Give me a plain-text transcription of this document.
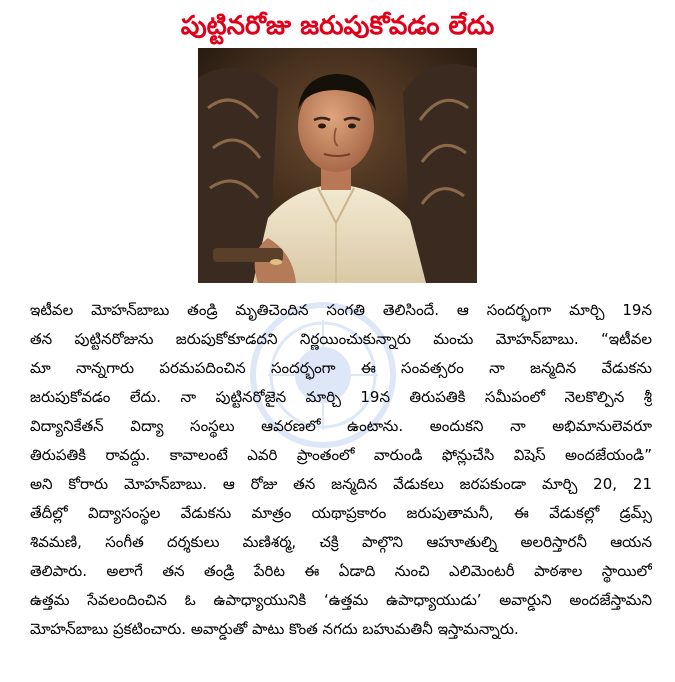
పుట్టినరోజు జరుపుకోవడం లేదు
ఇటీవల మోహన్‌బాబు తండ్రి మృతిచెందిన సంగతి తెలిసిందే. ఆ సందర్భంగా మార్చి 19న
తన పుట్టినరోజును జరుపుకోకూడదని నిర్ణయించుకున్నారు మంచు మోహన్‌బాబు. “ఇటీవల
మా నాన్నగారు పరమపదించిన సందర్భంగా ఈ సంవత్సరం నా జన్మదిన వేడుకను
జరుపుకోవడం లేదు. నా పుట్టినరోజైన మార్చి 19న తిరుపతికి సమీపంలో నెలకొల్పిన శ్రీ
విద్యానికేతన్ విద్యా సంస్థలు ఆవరణలో ఉంటాను. అందుకని నా అభిమానులెవరూ
తిరుపతికి రావద్దు. కావాలంటే ఎవరి ప్రాంతంలో వారుండి ఫోన్లుచేసి విషెస్ అందజేయండి”
అని కోరారు మోహన్‌బాబు. ఆ రోజు తన జన్మదిన వేడుకలు జరపకుండా మార్చి 20, 21
తేదీల్లో విద్యాసంస్థల వేడుకను మాత్రం యథాప్రకారం జరుపుతామనీ, ఈ వేడుకల్లో డ్రమ్స్
శివమణి, సంగీత దర్శకులు మణిశర్మ, చక్రి పాల్గొని ఆహూతుల్ని అలరిస్తారనీ ఆయన
తెలిపారు. అలాగే తన తండ్రి పేరిట ఈ ఏడాది నుంచి ఎలిమెంటరీ పాఠశాల స్థాయిలో
ఉత్తమ సేవలందించిన ఓ ఉపాధ్యాయునికి ‘ఉత్తమ ఉపాధ్యాయుడు’ అవార్డుని అందజేస్తామని
మోహన్‌బాబు ప్రకటించారు. అవార్డుతో పాటు కొంత నగదు బహుమతినీ ఇస్తామన్నారు.
